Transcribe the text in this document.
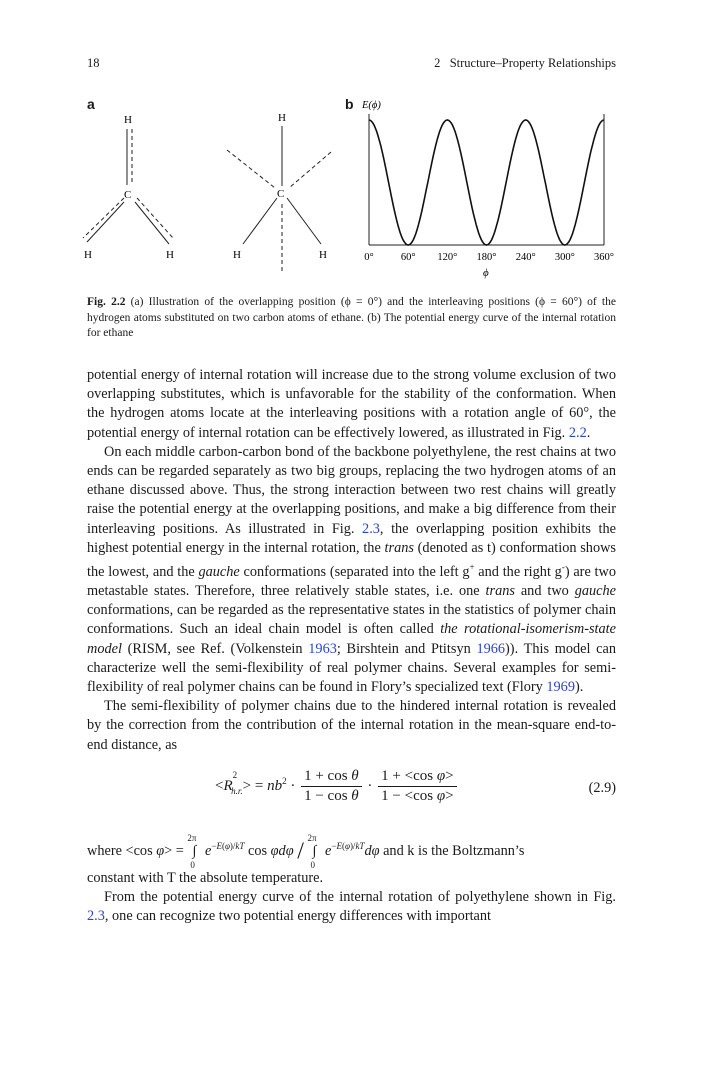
18	2   Structure–Property Relationships
a	b
H
C
H	H
H
C
H	H
E(ϕ)
0°	60° 120° 180° 240° 300° 360°
ϕ
Fig. 2.2 (a) Illustration of the overlapping position (ϕ = 0°) and the interleaving positions (ϕ = 60°) of the hydrogen atoms substituted on two carbon atoms of ethane. (b) The potential energy curve of the internal rotation for ethane

potential energy of internal rotation will increase due to the strong volume exclusion of two overlapping substitutes, which is unfavorable for the stability of the conformation. When the hydrogen atoms locate at the interleaving positions with a rotation angle of 60°, the potential energy of internal rotation can be effectively lowered, as illustrated in Fig. 2.2.

On each middle carbon-carbon bond of the backbone polyethylene, the rest chains at two ends can be regarded separately as two big groups, replacing the two hydrogen atoms of an ethane discussed above. Thus, the strong interaction between two rest chains will greatly raise the potential energy at the overlapping positions, and make a big difference from their interleaving positions. As illustrated in Fig. 2.3, the overlapping position exhibits the highest potential energy in the internal rotation, the trans (denoted as t) conformation shows the lowest, and the gauche conformations (separated into the left g+ and the right g-) are two metastable states. Therefore, three relatively stable states, i.e. one trans and two gauche conformations, can be regarded as the representative states in the statistics of polymer chain conformations. Such an ideal chain model is often called the rotational-isomerism-state model (RISM, see Ref. (Volkenstein 1963; Birshtein and Ptitsyn 1966)). This model can characterize well the semi-flexibility of real polymer chains. Several examples for semi-flexibility of real polymer chains can be found in Flory’s specialized text (Flory 1969).

The semi-flexibility of polymer chains due to the hindered internal rotation is revealed by the correction from the contribution of the internal rotation in the mean-square end-to-end distance, as

$<R^2_{h.r.}> = nb^2 \cdot \frac{\text{1 + cos θ}}{\text{1 − cos θ}} \cdot \frac{\text{1 + <cos φ>}}{\text{1 − <cos φ>}}$	(2.9)
where <cos φ> = ∫
2π
0
$e^{-E(\varphi)/kT}$ cos φdφ / ∫
2π
0
$e^{-E(\varphi)/kT}d\varphi$ and k is the Boltzmann’s

constant with T the absolute temperature.

From the potential energy curve of the internal rotation of polyethylene shown in Fig. 2.3, one can recognize two potential energy differences with important
